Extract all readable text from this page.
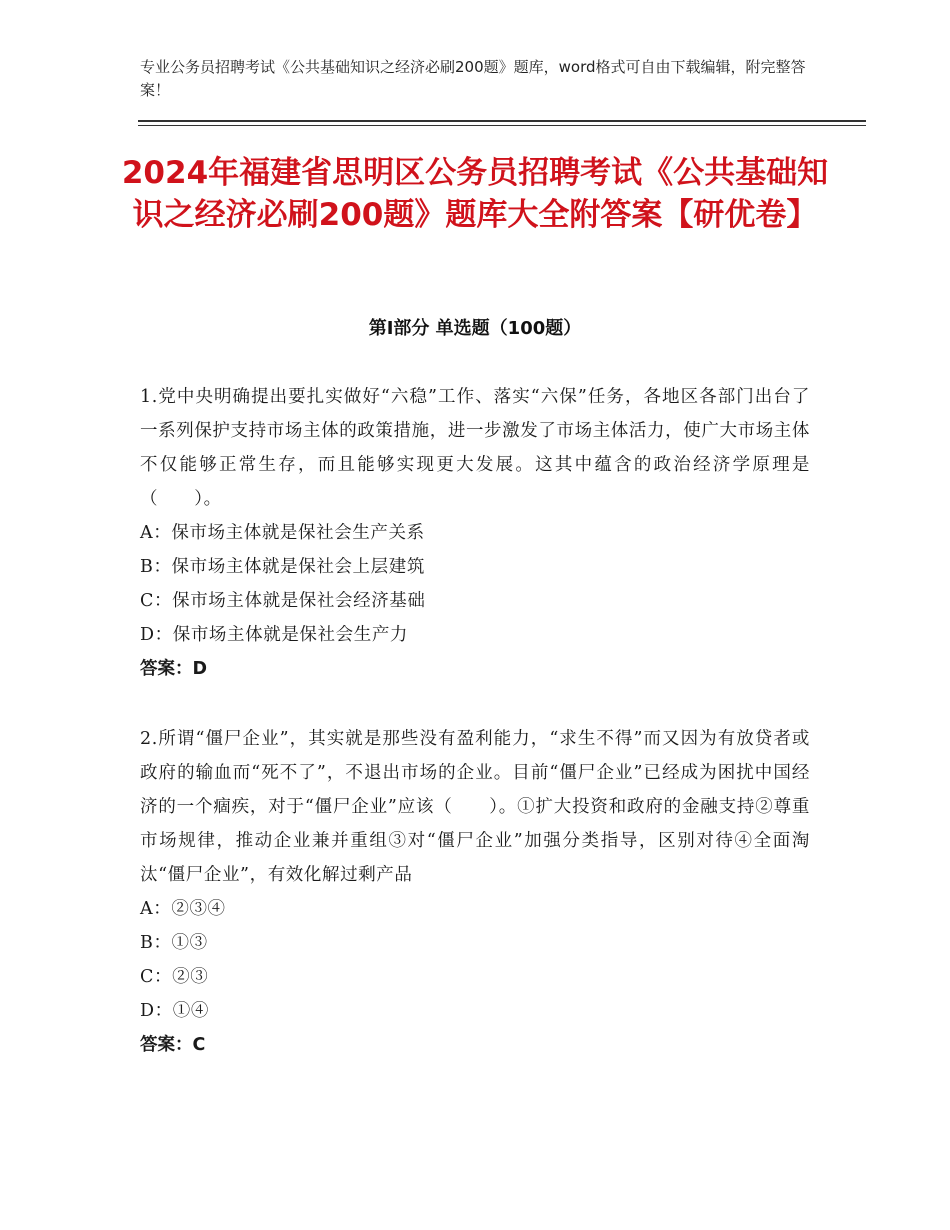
专业公务员招聘考试《公共基础知识之经济必刷200题》题库，word格式可自由下载编辑，附完整答案！
2024年福建省思明区公务员招聘考试《公共基础知识之经济必刷200题》题库大全附答案【研优卷】
第Ⅰ部分 单选题（100题）
1.党中央明确提出要扎实做好“六稳”工作、落实“六保”任务，各地区各部门出台了一系列保护支持市场主体的政策措施，进一步激发了市场主体活力，使广大市场主体不仅能够正常生存，而且能够实现更大发展。这其中蕴含的政治经济学原理是（　　）。
A：保市场主体就是保社会生产关系
B：保市场主体就是保社会上层建筑
C：保市场主体就是保社会经济基础
D：保市场主体就是保社会生产力
答案：D
2.所谓“僵尸企业”，其实就是那些没有盈利能力，“求生不得”而又因为有放贷者或政府的输血而“死不了”，不退出市场的企业。目前“僵尸企业”已经成为困扰中国经济的一个痼疾，对于“僵尸企业”应该（　　）。①扩大投资和政府的金融支持②尊重市场规律，推动企业兼并重组③对“僵尸企业”加强分类指导，区别对待④全面淘汰“僵尸企业”，有效化解过剩产品
A：②③④
B：①③
C：②③
D：①④
答案：C
